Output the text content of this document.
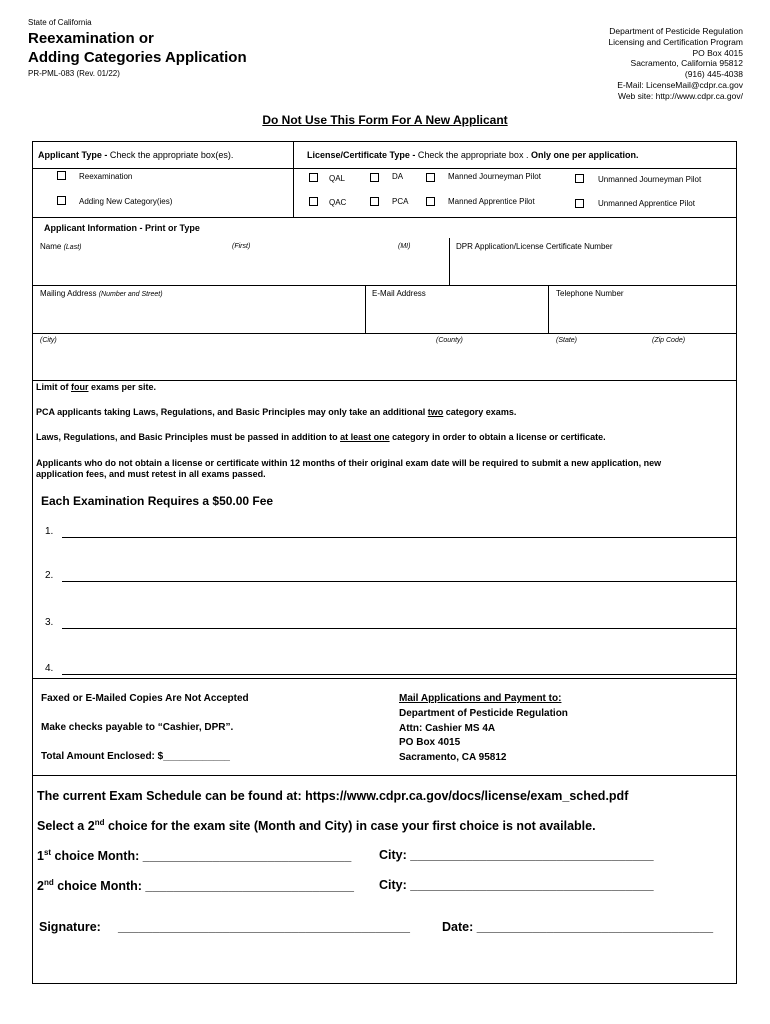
State of California
Reexamination or
Adding Categories Application
PR-PML-083 (Rev. 01/22)
Department of Pesticide Regulation
Licensing and Certification Program
PO Box 4015
Sacramento, California 95812
(916) 445-4038
E-Mail: LicenseMail@cdpr.ca.gov
Web site: http://www.cdpr.ca.gov/
Do Not Use This Form For A New Applicant
Applicant Type - Check the appropriate box(es).
Reexamination
Adding New Category(ies)
License/Certificate Type - Check the appropriate box . Only one per application.
QAL	DA	Manned Journeyman Pilot	Unmanned Journeyman Pilot
QAC	PCA	Manned Apprentice Pilot	Unmanned Apprentice Pilot
Applicant Information - Print or Type
Name (Last)	(First)	(MI)	DPR Application/License Certificate Number
Mailing Address (Number and Street)	E-Mail Address	Telephone Number
(City)	(County)	(State)	(Zip Code)
Limit of four exams per site.
PCA applicants taking Laws, Regulations, and Basic Principles may only take an additional two category exams.
Laws, Regulations, and Basic Principles must be passed in addition to at least one category in order to obtain a license or certificate.
Applicants who do not obtain a license or certificate within 12 months of their original exam date will be required to submit a new application, new application fees, and must retest in all exams passed.
Each Examination Requires a $50.00 Fee
1.
2.
3.
4.
Faxed or E-Mailed Copies Are Not Accepted
Make checks payable to “Cashier, DPR”.
Total Amount Enclosed: $____________
Mail Applications and Payment to:
Department of Pesticide Regulation
Attn: Cashier MS 4A
PO Box 4015
Sacramento, CA 95812
The current Exam Schedule can be found at: https://www.cdpr.ca.gov/docs/license/exam_sched.pdf
Select a 2nd choice for the exam site (Month and City) in case your first choice is not available.
1st choice Month: ______________________________ City: ___________________________________
2nd choice Month: ______________________________ City: ___________________________________
Signature: __________________________________________	Date: __________________________________
